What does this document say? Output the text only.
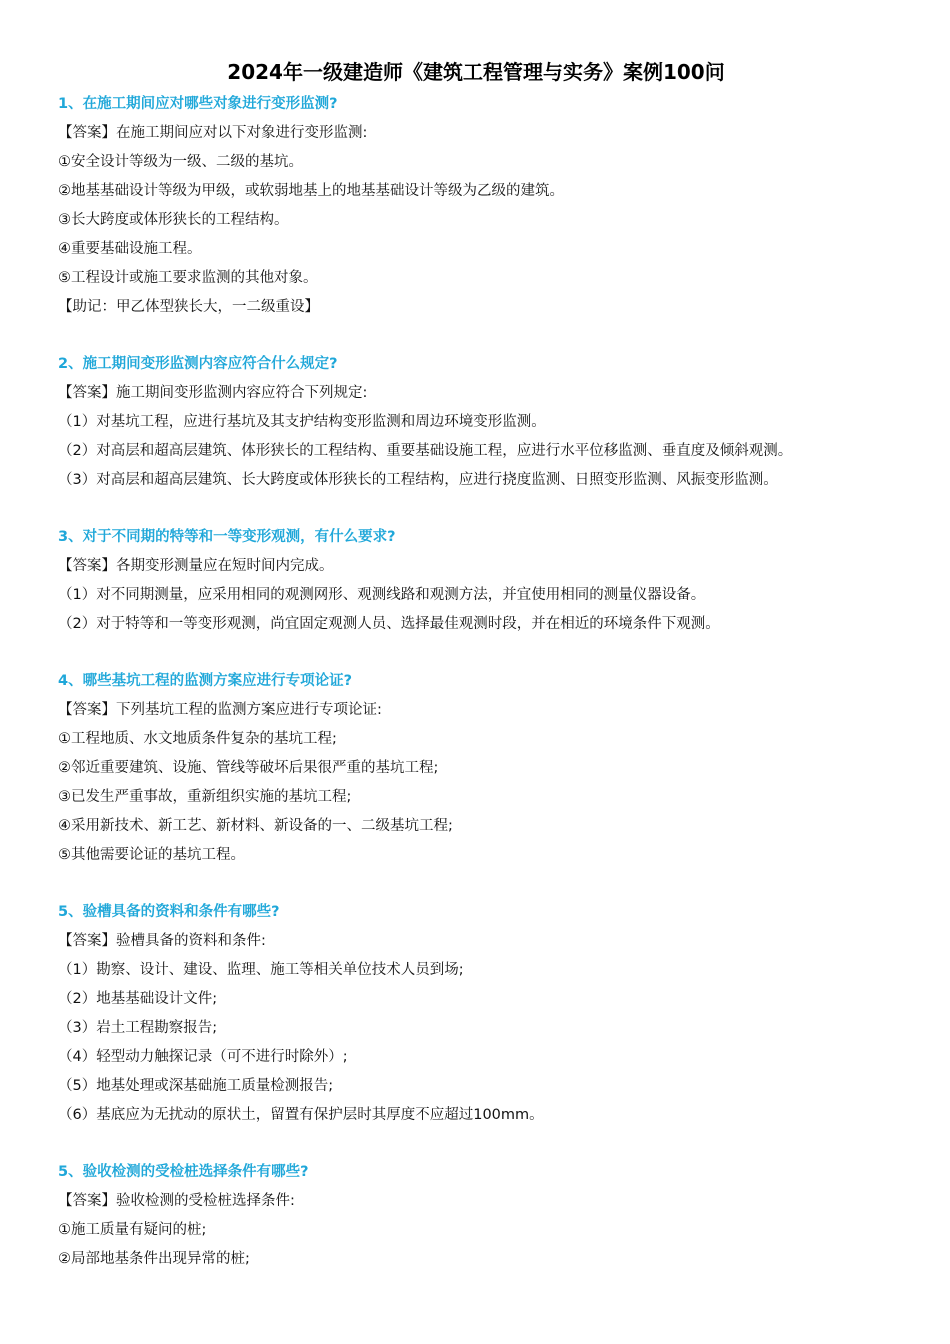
2024年一级建造师《建筑工程管理与实务》案例100问

1、在施工期间应对哪些对象进行变形监测?

【答案】在施工期间应对以下对象进行变形监测:

①安全设计等级为一级、二级的基坑。

②地基基础设计等级为甲级，或软弱地基上的地基基础设计等级为乙级的建筑。

③长大跨度或体形狭长的工程结构。

④重要基础设施工程。

⑤工程设计或施工要求监测的其他对象。

【助记：甲乙体型狭长大，一二级重设】

2、施工期间变形监测内容应符合什么规定?

【答案】施工期间变形监测内容应符合下列规定:

（1）对基坑工程，应进行基坑及其支护结构变形监测和周边环境变形监测。

（2）对高层和超高层建筑、体形狭长的工程结构、重要基础设施工程，应进行水平位移监测、垂直度及倾斜观测。

（3）对高层和超高层建筑、长大跨度或体形狭长的工程结构，应进行挠度监测、日照变形监测、风振变形监测。

3、对于不同期的特等和一等变形观测，有什么要求?

【答案】各期变形测量应在短时间内完成。

（1）对不同期测量，应采用相同的观测网形、观测线路和观测方法，并宜使用相同的测量仪器设备。

（2）对于特等和一等变形观测，尚宜固定观测人员、选择最佳观测时段，并在相近的环境条件下观测。

4、哪些基坑工程的监测方案应进行专项论证?

【答案】下列基坑工程的监测方案应进行专项论证:

①工程地质、水文地质条件复杂的基坑工程;

②邻近重要建筑、设施、管线等破坏后果很严重的基坑工程;

③已发生严重事故，重新组织实施的基坑工程;

④采用新技术、新工艺、新材料、新设备的一、二级基坑工程;

⑤其他需要论证的基坑工程。

5、验槽具备的资料和条件有哪些?

【答案】验槽具备的资料和条件:

（1）勘察、设计、建设、监理、施工等相关单位技术人员到场;

（2）地基基础设计文件;

（3）岩土工程勘察报告;

（4）轻型动力触探记录（可不进行时除外）;

（5）地基处理或深基础施工质量检测报告;

（6）基底应为无扰动的原状土，留置有保护层时其厚度不应超过100mm。

5、验收检测的受检桩选择条件有哪些?

【答案】验收检测的受检桩选择条件:

①施工质量有疑问的桩;

②局部地基条件出现异常的桩;
